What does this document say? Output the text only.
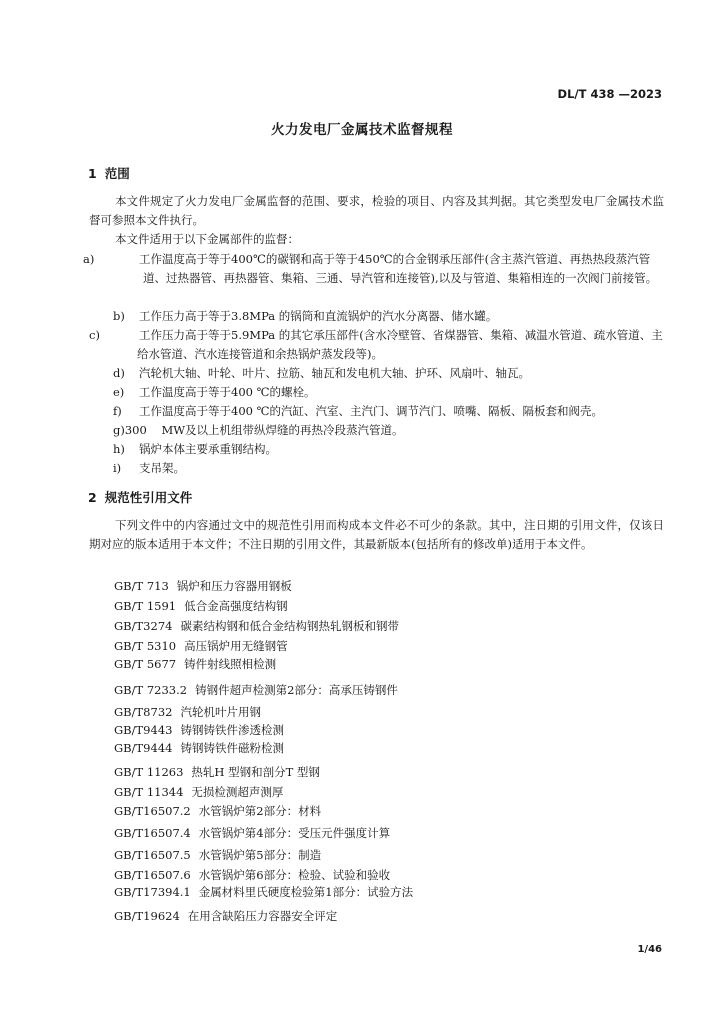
DL/T 438 —2023
火力发电厂金属技术监督规程
1 范围
本文件规定了火力发电厂金属监督的范围、要求，检验的项目、内容及其判据。其它类型发电厂金属技术监督可参照本文件执行。
本文件适用于以下金属部件的监督：
a)	工作温度高于等于400℃的碳钢和高于等于450℃的合金钢承压部件(含主蒸汽管道、再热热段蒸汽管道、过热器管、再热器管、集箱、三通、导汽管和连接管),以及与管道、集箱相连的一次阀门前接管。
b) 工作压力高于等于3.8MPa 的锅筒和直流锅炉的汽水分离器、储水罐。
c)	工作压力高于等于5.9MPa 的其它承压部件(含水冷壁管、省煤器管、集箱、减温水管道、疏水管道、主给水管道、汽水连接管道和余热锅炉蒸发段等)。
d) 汽轮机大轴、叶轮、叶片、拉筋、轴瓦和发电机大轴、护环、风扇叶、轴瓦。
e) 工作温度高于等于400 ℃的螺栓。
f) 工作温度高于等于400 ℃的汽缸、汽室、主汽门、调节汽门、喷嘴、隔板、隔板套和阀壳。
g)300 MW及以上机组带纵焊缝的再热冷段蒸汽管道。
h) 锅炉本体主要承重钢结构。
i) 支吊架。
2 规范性引用文件
下列文件中的内容通过文中的规范性引用而构成本文件必不可少的条款。其中，注日期的引用文件，仅该日期对应的版本适用于本文件；不注日期的引用文件，其最新版本(包括所有的修改单)适用于本文件。
GB/T 713 锅炉和压力容器用钢板
GB/T 1591 低合金高强度结构钢
GB/T3274 碳素结构钢和低合金结构钢热轧钢板和钢带
GB/T 5310 高压锅炉用无缝钢管
GB/T 5677 铸件射线照相检测
GB/T 7233.2 铸钢件超声检测第2部分：高承压铸钢件
GB/T8732 汽轮机叶片用钢
GB/T9443 铸钢铸铁件渗透检测
GB/T9444 铸钢铸铁件磁粉检测
GB/T 11263 热轧H 型钢和剖分T 型钢
GB/T 11344 无损检测超声测厚
GB/T16507.2 水管锅炉第2部分：材料
GB/T16507.4 水管锅炉第4部分：受压元件强度计算
GB/T16507.5 水管锅炉第5部分：制造
GB/T16507.6 水管锅炉第6部分：检验、试验和验收
GB/T17394.1 金属材料里氏硬度检验第1部分：试验方法
GB/T19624 在用含缺陷压力容器安全评定
1/46
